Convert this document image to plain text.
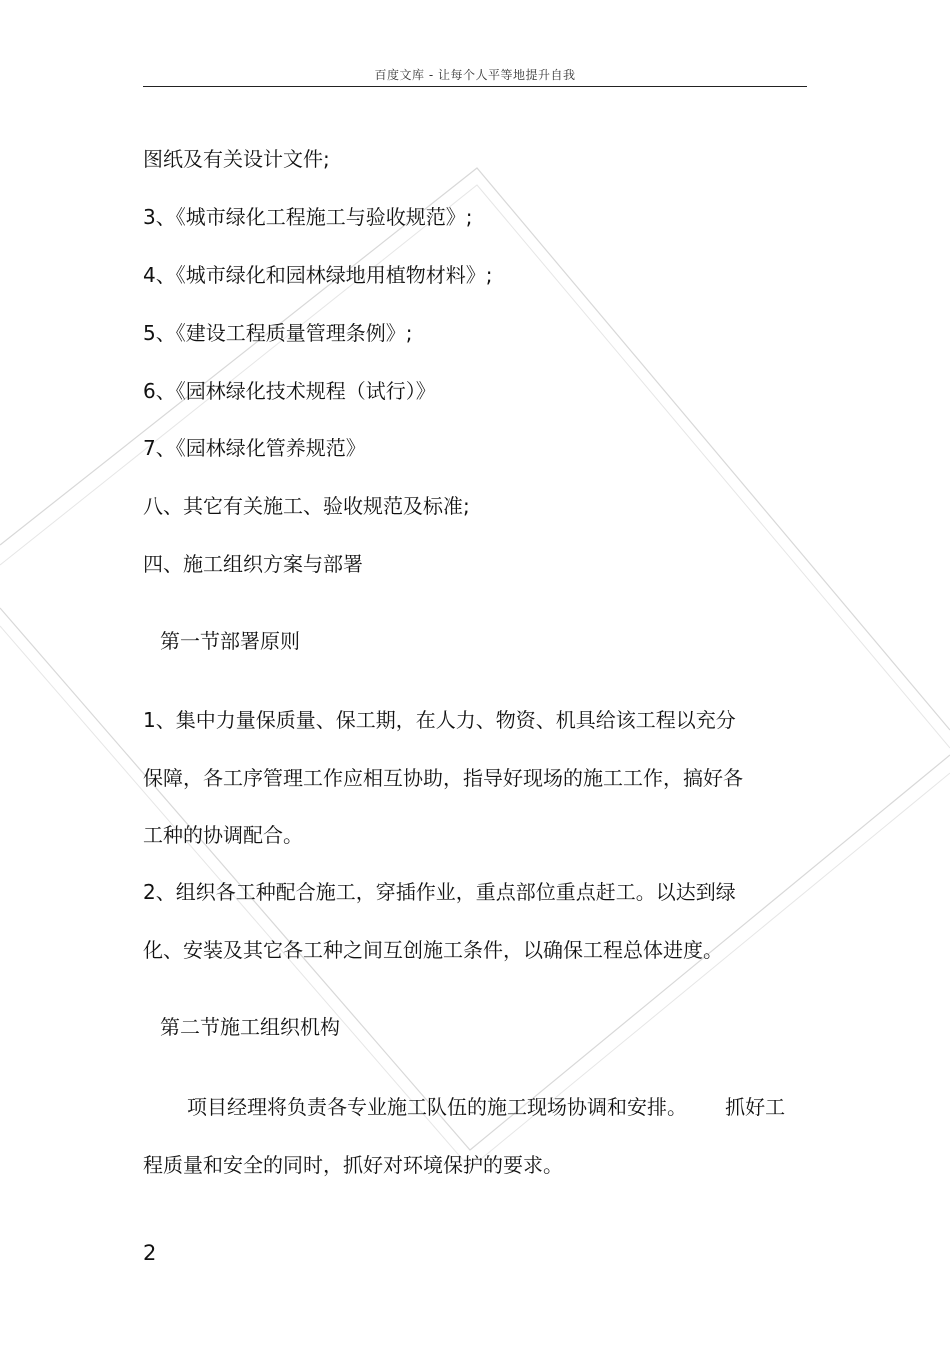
百度文库 - 让每个人平等地提升自我
图纸及有关设计文件;
3、《城市绿化工程施工与验收规范》;
4、《城市绿化和园林绿地用植物材料》;
5、《建设工程质量管理条例》;
6、《园林绿化技术规程（试行）》
7、《园林绿化管养规范》
八、其它有关施工、验收规范及标准;
四、施工组织方案与部署
第一节部署原则
1、集中力量保质量、保工期，在人力、物资、机具给该工程以充分
保障，各工序管理工作应相互协助，指导好现场的施工工作，搞好各
工种的协调配合。
2、组织各工种配合施工，穿插作业，重点部位重点赶工。以达到绿
化、安装及其它各工种之间互创施工条件，以确保工程总体进度。
第二节施工组织机构
项目经理将负责各专业施工队伍的施工现场协调和安排。      抓好工
程质量和安全的同时，抓好对环境保护的要求。
2
